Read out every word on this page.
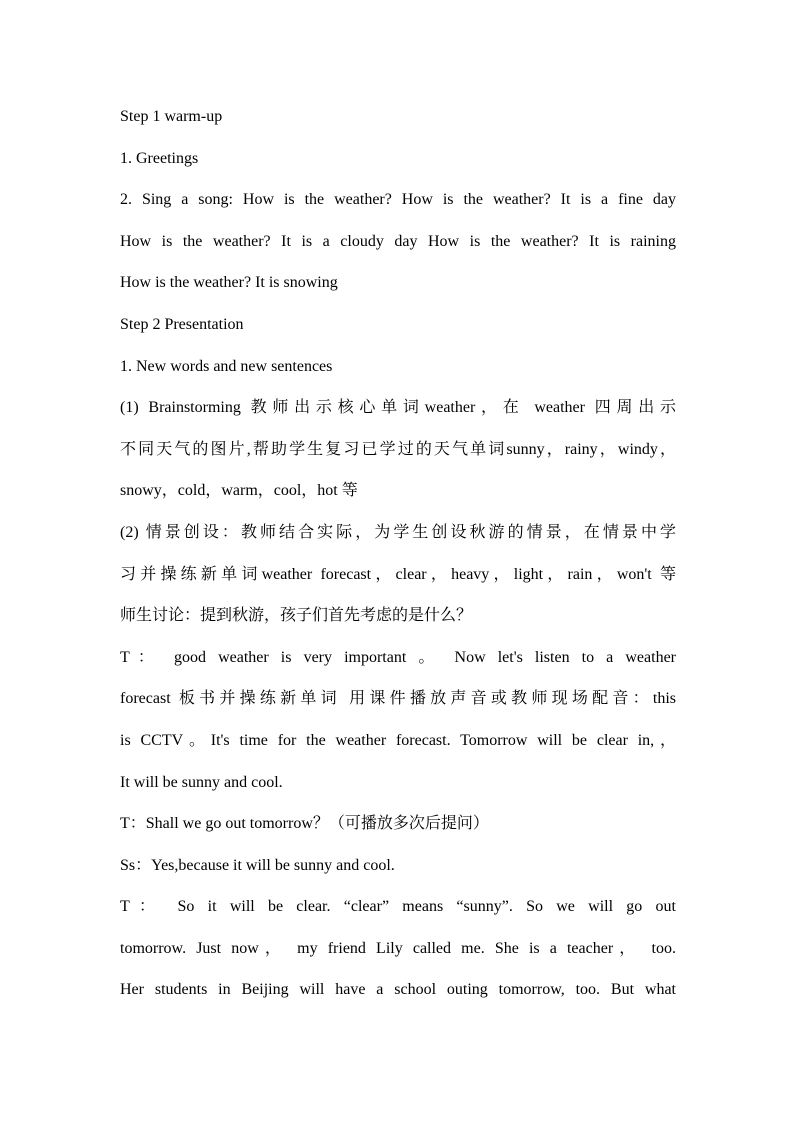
Step 1 warm-up
1. Greetings
2. Sing a song: How is the weather? How is the weather? It is a fine day
How is the weather? It is a cloudy day How is the weather? It is raining
How is the weather? It is snowing
Step 2 Presentation
1. New words and new sentences
(1) Brainstorming 教师出示核心单词weather，在 weather 四周出示
不同天气的图片,帮助学生复习已学过的天气单词sunny，rainy，windy，
snowy，cold，warm，cool，hot 等
(2) 情景创设：教师结合实际，为学生创设秋游的情景，在情景中学
习并操练新单词weather forecast，clear，heavy，light，rain，won't 等
师生讨论：提到秋游，孩子们首先考虑的是什么？
T： good weather is very important 。 Now let's listen to a weather
forecast 板书并操练新单词 用课件播放声音或教师现场配音：this
is CCTV。It's time for the weather forecast. Tomorrow will be clear in,，
It will be sunny and cool.
T：Shall we go out tomorrow？（可播放多次后提问）
Ss：Yes,because it will be sunny and cool.
T： So it will be clear. “clear” means “sunny”. So we will go out
tomorrow. Just now， my friend Lily called me. She is a teacher， too.
Her students in Beijing will have a school outing tomorrow, too. But what
